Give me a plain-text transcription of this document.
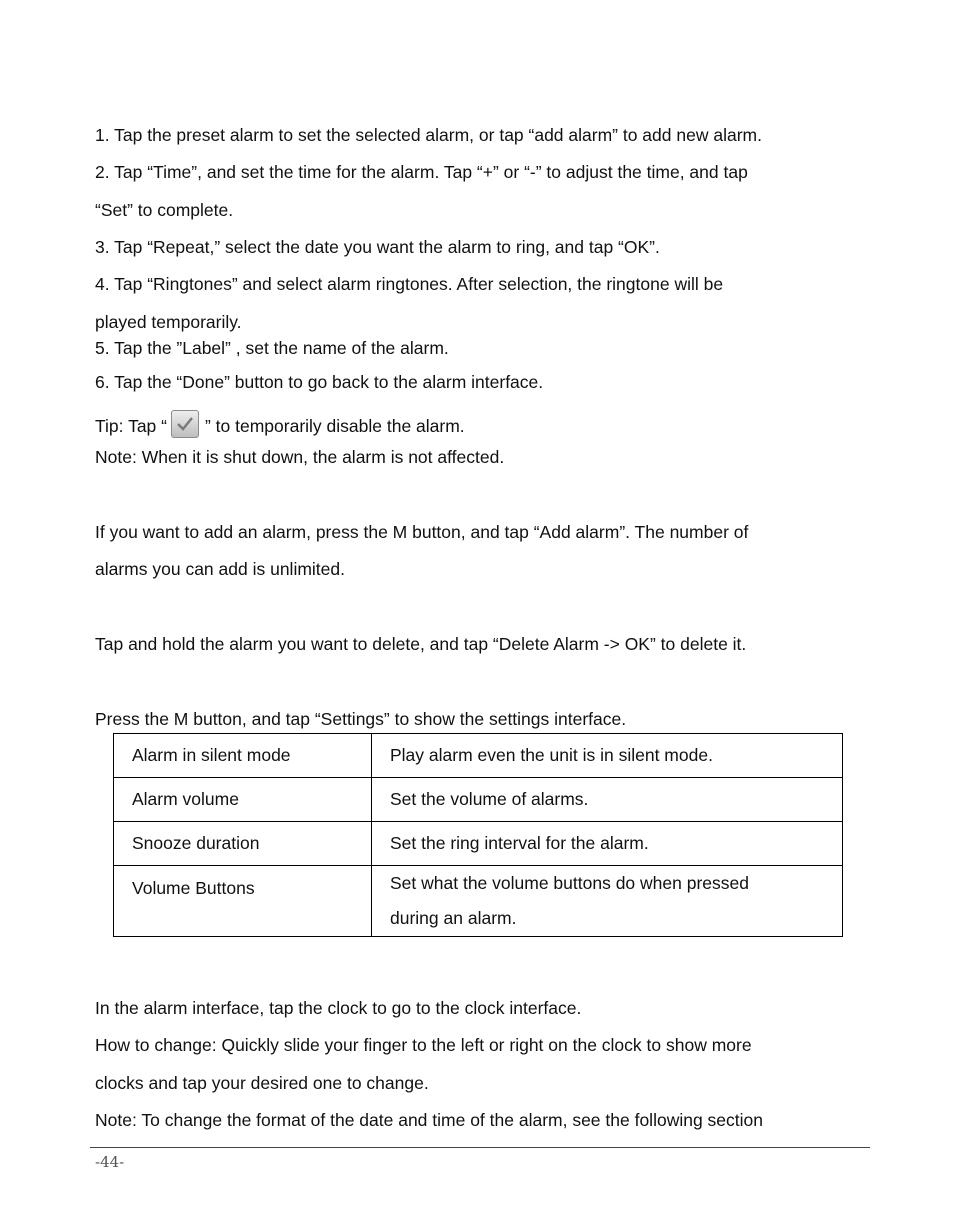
1. Tap the preset alarm to set the selected alarm, or tap “add alarm” to add new alarm.
2. Tap “Time”, and set the time for the alarm. Tap “+” or “-” to adjust the time, and tap
“Set” to complete.
3. Tap “Repeat,” select the date you want the alarm to ring, and tap “OK”.
4. Tap “Ringtones” and select alarm ringtones. After selection, the ringtone will be
played temporarily.
5. Tap the ”Label” , set the name of the alarm.
6. Tap the “Done” button to go back to the alarm interface.
Tip: Tap “ ” to temporarily disable the alarm.
Note: When it is shut down, the alarm is not affected.
If you want to add an alarm, press the M button, and tap “Add alarm”. The number of
alarms you can add is unlimited.
Tap and hold the alarm you want to delete, and tap “Delete Alarm -> OK” to delete it.
Press the M button, and tap “Settings” to show the settings interface.
Alarm in silent mode	Play alarm even the unit is in silent mode.
Alarm volume	Set the volume of alarms.
Snooze duration	Set the ring interval for the alarm.
Volume Buttons	Set what the volume buttons do when pressed during an alarm.
In the alarm interface, tap the clock to go to the clock interface.
How to change: Quickly slide your finger to the left or right on the clock to show more
clocks and tap your desired one to change.
Note: To change the format of the date and time of the alarm, see the following section
-44-
